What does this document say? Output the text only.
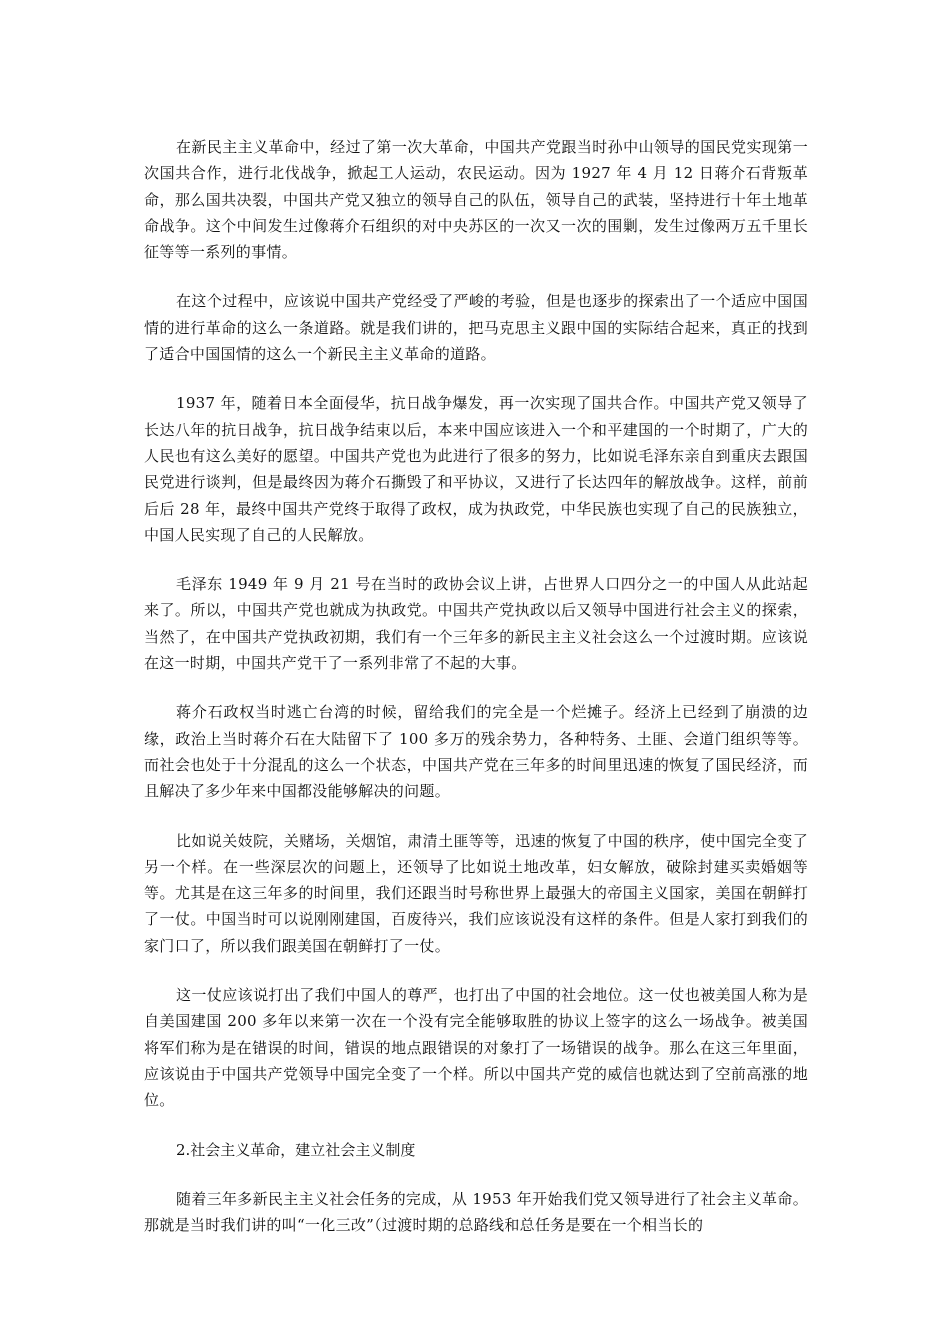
在新民主主义革命中，经过了第一次大革命，中国共产党跟当时孙中山领导的国民党实现第一次国共合作，进行北伐战争，掀起工人运动，农民运动。因为 1927 年 4 月 12 日蒋介石背叛革命，那么国共决裂，中国共产党又独立的领导自己的队伍，领导自己的武装，坚持进行十年土地革命战争。这个中间发生过像蒋介石组织的对中央苏区的一次又一次的围剿，发生过像两万五千里长征等等一系列的事情。

在这个过程中，应该说中国共产党经受了严峻的考验，但是也逐步的探索出了一个适应中国国情的进行革命的这么一条道路。就是我们讲的，把马克思主义跟中国的实际结合起来，真正的找到了适合中国国情的这么一个新民主主义革命的道路。

1937 年，随着日本全面侵华，抗日战争爆发，再一次实现了国共合作。中国共产党又领导了长达八年的抗日战争，抗日战争结束以后，本来中国应该进入一个和平建国的一个时期了，广大的人民也有这么美好的愿望。中国共产党也为此进行了很多的努力，比如说毛泽东亲自到重庆去跟国民党进行谈判，但是最终因为蒋介石撕毁了和平协议，又进行了长达四年的解放战争。这样，前前后后 28 年，最终中国共产党终于取得了政权，成为执政党，中华民族也实现了自己的民族独立，中国人民实现了自己的人民解放。

毛泽东 1949 年 9 月 21 号在当时的政协会议上讲，占世界人口四分之一的中国人从此站起来了。所以，中国共产党也就成为执政党。中国共产党执政以后又领导中国进行社会主义的探索，当然了，在中国共产党执政初期，我们有一个三年多的新民主主义社会这么一个过渡时期。应该说在这一时期，中国共产党干了一系列非常了不起的大事。

蒋介石政权当时逃亡台湾的时候，留给我们的完全是一个烂摊子。经济上已经到了崩溃的边缘，政治上当时蒋介石在大陆留下了 100 多万的残余势力，各种特务、土匪、会道门组织等等。而社会也处于十分混乱的这么一个状态，中国共产党在三年多的时间里迅速的恢复了国民经济，而且解决了多少年来中国都没能够解决的问题。

比如说关妓院，关赌场，关烟馆，肃清土匪等等，迅速的恢复了中国的秩序，使中国完全变了另一个样。在一些深层次的问题上，还领导了比如说土地改革，妇女解放，破除封建买卖婚姻等等。尤其是在这三年多的时间里，我们还跟当时号称世界上最强大的帝国主义国家，美国在朝鲜打了一仗。中国当时可以说刚刚建国，百废待兴，我们应该说没有这样的条件。但是人家打到我们的家门口了，所以我们跟美国在朝鲜打了一仗。

这一仗应该说打出了我们中国人的尊严，也打出了中国的社会地位。这一仗也被美国人称为是自美国建国 200 多年以来第一次在一个没有完全能够取胜的协议上签字的这么一场战争。被美国将军们称为是在错误的时间，错误的地点跟错误的对象打了一场错误的战争。那么在这三年里面，应该说由于中国共产党领导中国完全变了一个样。所以中国共产党的威信也就达到了空前高涨的地位。

2.社会主义革命，建立社会主义制度

随着三年多新民主主义社会任务的完成，从 1953 年开始我们党又领导进行了社会主义革命。那就是当时我们讲的叫“一化三改”（过渡时期的总路线和总任务是要在一个相当长的
